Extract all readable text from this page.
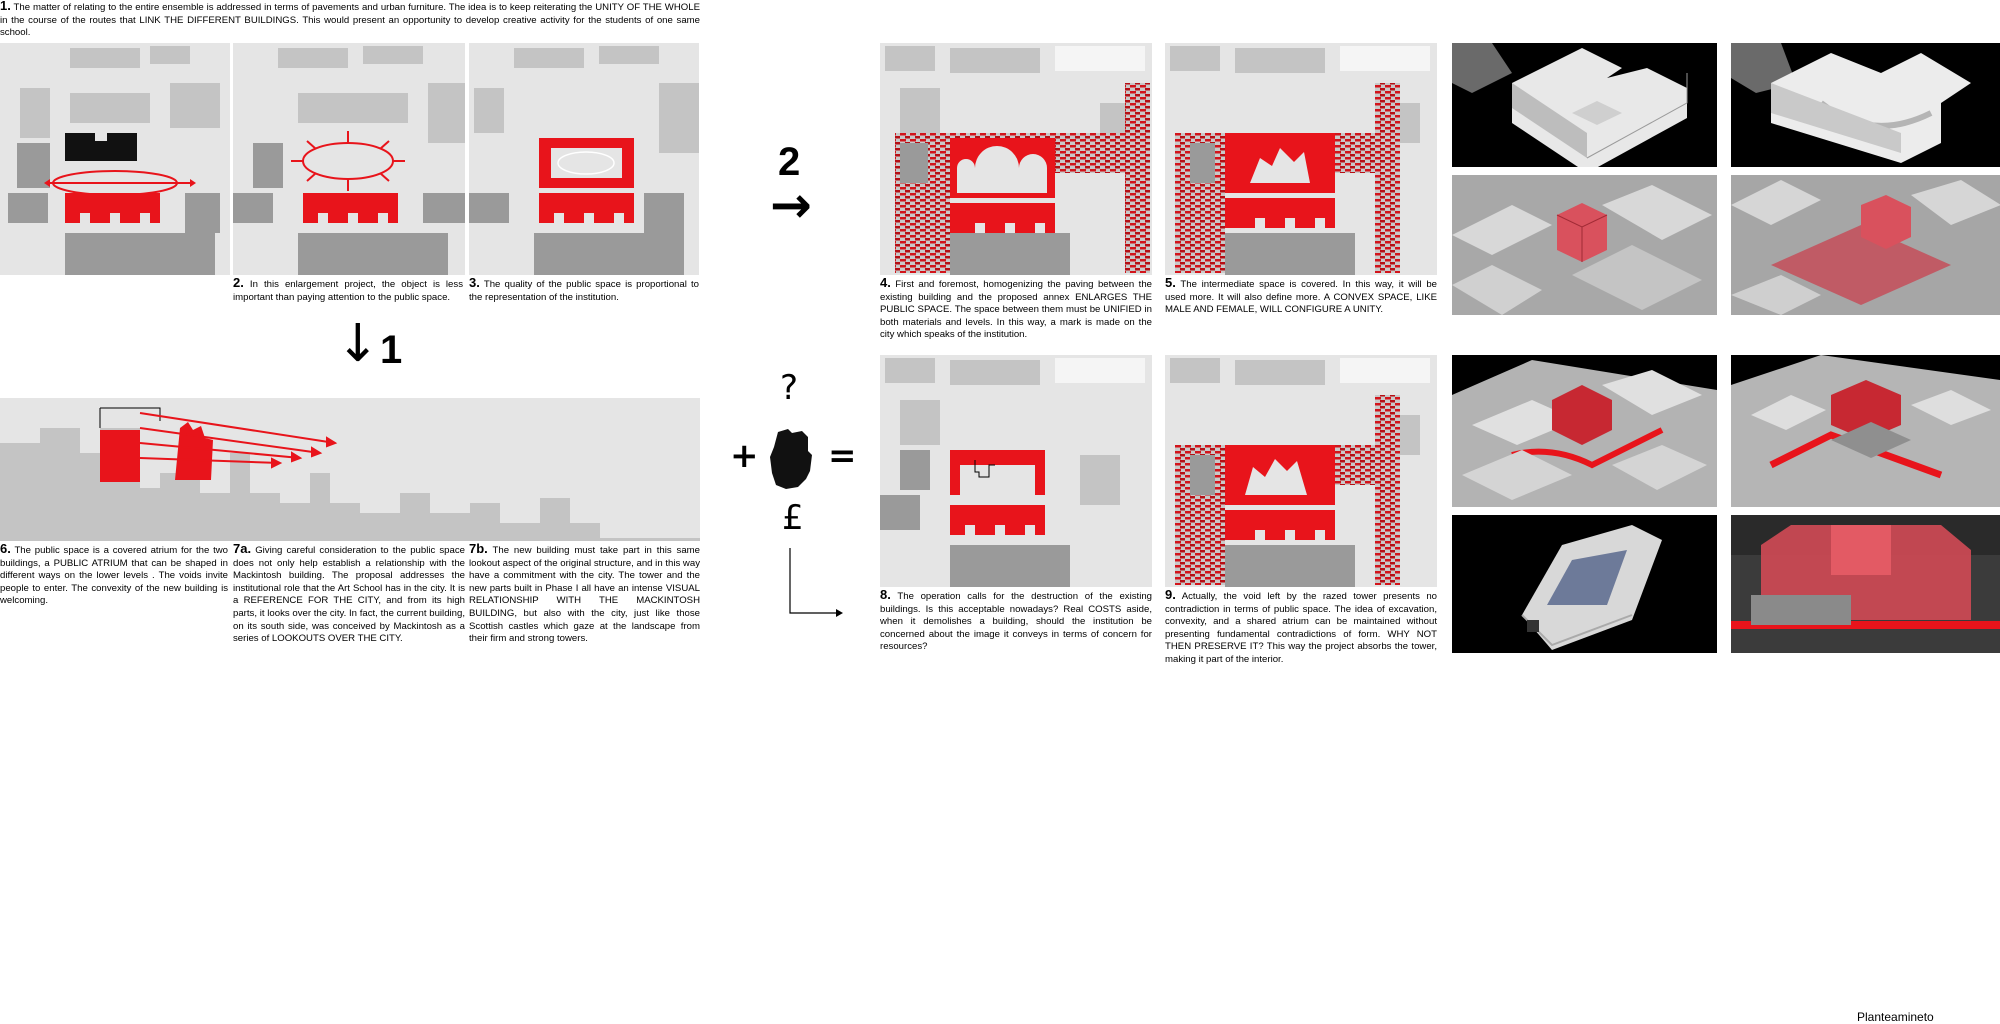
1. The matter of relating to the entire ensemble is addressed in terms of pavements and urban furniture. The idea is to keep reiterating the UNITY OF THE WHOLE in the course of the routes that LINK THE DIFFERENT BUILDINGS. This would present an opportunity to develop creative activity for the students of one same school.
2. In this enlargement project, the object is less important than paying attention to the public space.
3. The quality of the public space is proportional to the representation of the institution.
↓ 1
6. The public space is a covered atrium for the two buildings, a PUBLIC ATRIUM that can be shaped in different ways on the lower levels . The voids invite people to enter. The convexity of the new building is welcoming.
7a. Giving careful consideration to the public space does not only help establish a relationship with the Mackintosh building. The proposal addresses the institutional role that the Art School has in the city. It is a REFERENCE FOR THE CITY, and from its high parts, it looks over the city. In fact, the current building, on its south side, was conceived by Mackintosh as a series of LOOKOUTS OVER THE CITY.
7b. The new building must take part in this same lookout aspect of the original structure, and in this way have a commitment with the city. The tower and the new parts built in Phase I all have an intense VISUAL RELATIONSHIP WITH THE MACKINTOSH BUILDING, but also with the city, just like those Scottish castles which gaze at the landscape from their firm and strong towers.
2
→
?
+ =
£
4. First and foremost, homogenizing the paving between the existing building and the proposed annex ENLARGES THE PUBLIC SPACE. The space between them must be UNIFIED in both materials and levels. In this way, a mark is made on the city which speaks of the institution.
5. The intermediate space is covered. In this way, it will be used more. It will also define more. A CONVEX SPACE, LIKE MALE AND FEMALE, WILL CONFIGURE A UNITY.
8. The operation calls for the destruction of the existing buildings. Is this acceptable nowadays? Real COSTS aside, when it demolishes a building, should the institution be concerned about the image it conveys in terms of concern for resources?
9. Actually, the void left by the razed tower presents no contradiction in terms of public space. The idea of excavation, convexity, and a shared atrium can be maintained without presenting fundamental contradictions of form. WHY NOT THEN PRESERVE IT? This way the project absorbs the tower, making it part of the interior.
Planteamineto
